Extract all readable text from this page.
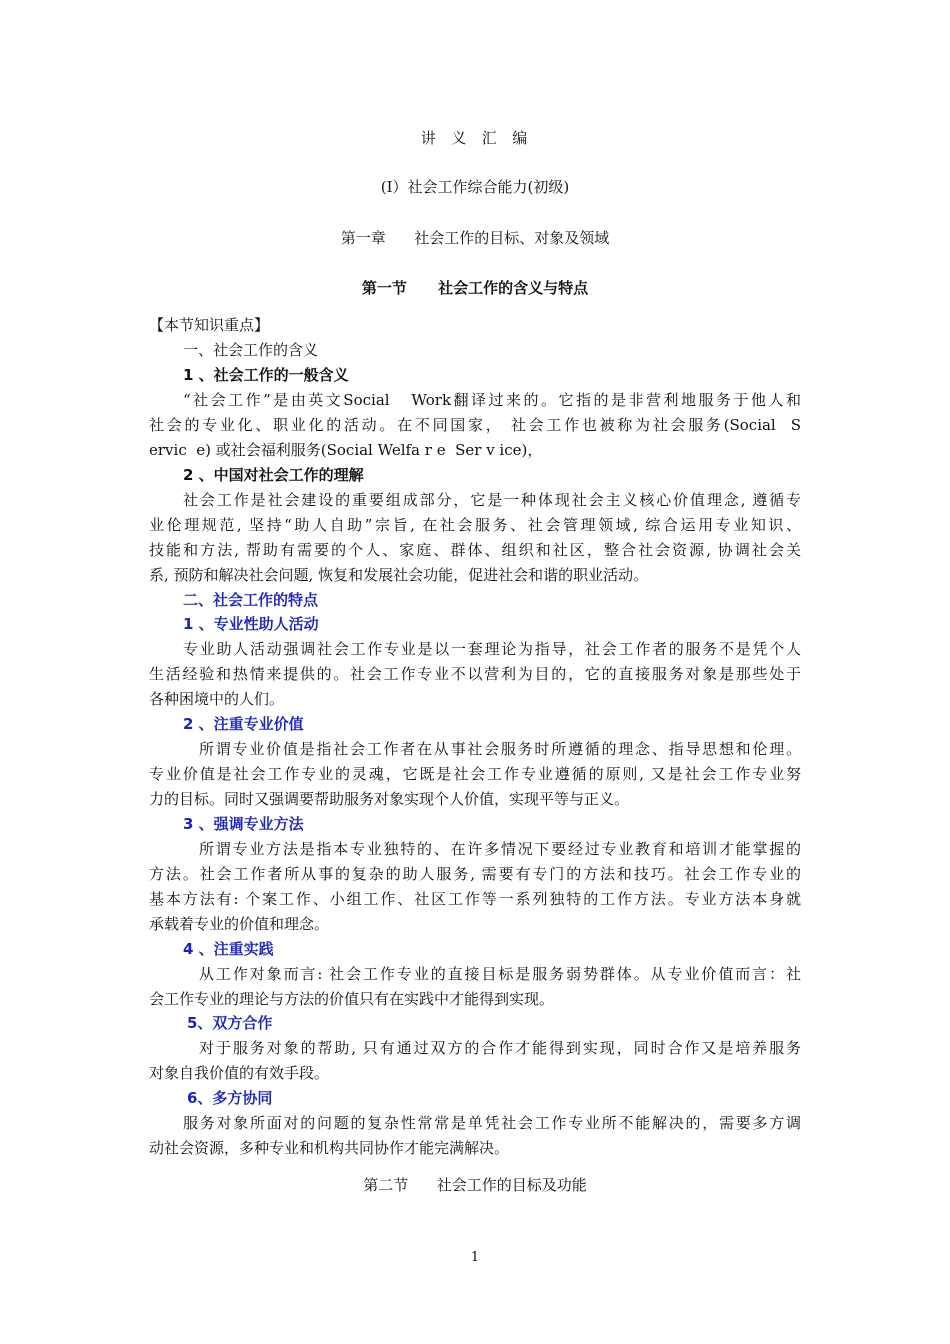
讲  义  汇  编
(Ⅰ）社会工作综合能力(初级)
第一章      社会工作的目标、对象及领域
第一节      社会工作的含义与特点
【本节知识重点】
一、社会工作的含义
1 、社会工作的一般含义
“社会工作”是由英文Social   Work翻译过来的。它指的是非营利地服务于他人和
社会的专业化、职业化的活动。在不同国家， 社会工作也被称为社会服务(Social  S
ervic  e) 或社会福利服务(Social Welfa r e  Ser v ice)，
2 、中国对社会工作的理解
社会工作是社会建设的重要组成部分，它是一种体现社会主义核心价值理念, 遵循专
业伦理规范, 坚持“助人自助”宗旨, 在社会服务、社会管理领域, 综合运用专业知识、
技能和方法, 帮助有需要的个人、家庭、群体、组织和社区，整合社会资源, 协调社会关
系, 预防和解决社会问题, 恢复和发展社会功能，促进社会和谐的职业活动。
二、社会工作的特点
1 、专业性助人活动
专业助人活动强调社会工作专业是以一套理论为指导，社会工作者的服务不是凭个人
生活经验和热情来提供的。社会工作专业不以营利为目的，它的直接服务对象是那些处于
各种困境中的人们。
2 、注重专业价值
所谓专业价值是指社会工作者在从事社会服务时所遵循的理念、指导思想和伦理。
专业价值是社会工作专业的灵魂，它既是社会工作专业遵循的原则, 又是社会工作专业努
力的目标。同时又强调要帮助服务对象实现个人价值，实现平等与正义。
3 、强调专业方法
所谓专业方法是指本专业独特的、在许多情况下要经过专业教育和培训才能掌握的
方法。社会工作者所从事的复杂的助人服务, 需要有专门的方法和技巧。社会工作专业的
基本方法有: 个案工作、小组工作、社区工作等一系列独特的工作方法。专业方法本身就
承载着专业的价值和理念。
4 、注重实践
从工作对象而言: 社会工作专业的直接目标是服务弱势群体。从专业价值而言：社
会工作专业的理论与方法的价值只有在实践中才能得到实现。
5、双方合作
对于服务对象的帮助, 只有通过双方的合作才能得到实现，同时合作又是培养服务
对象自我价值的有效手段。
6、多方协同
服务对象所面对的问题的复杂性常常是单凭社会工作专业所不能解决的，需要多方调
动社会资源，多种专业和机构共同协作才能完满解决。
第二节      社会工作的目标及功能
1
